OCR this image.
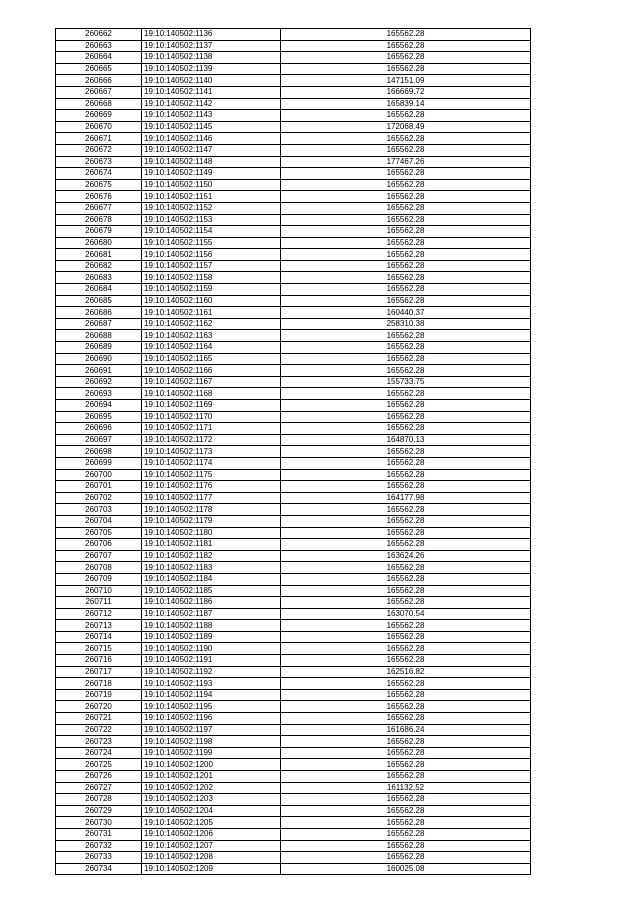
260662	19:10:140502:1136	165562.28
260663	19:10:140502:1137	165562.28
260664	19:10:140502:1138	165562.28
260665	19:10:140502:1139	165562.28
260666	19:10:140502:1140	147151.09
260667	19:10:140502:1141	166669.72
260668	19:10:140502:1142	165839.14
260669	19:10:140502:1143	165562.28
260670	19:10:140502:1145	172068.49
260671	19:10:140502:1146	165562.28
260672	19:10:140502:1147	165562.28
260673	19:10:140502:1148	177467.26
260674	19:10:140502:1149	165562.28
260675	19:10:140502:1150	165562.28
260676	19:10:140502:1151	165562.28
260677	19:10:140502:1152	165562.28
260678	19:10:140502:1153	165562.28
260679	19:10:140502:1154	165562.28
260680	19:10:140502:1155	165562.28
260681	19:10:140502:1156	165562.28
260682	19:10:140502:1157	165562.28
260683	19:10:140502:1158	165562.28
260684	19:10:140502:1159	165562.28
260685	19:10:140502:1160	165562.28
260686	19:10:140502:1161	160440.37
260687	19:10:140502:1162	258310.38
260688	19:10:140502:1163	165562.28
260689	19:10:140502:1164	165562.28
260690	19:10:140502:1165	165562.28
260691	19:10:140502:1166	165562.28
260692	19:10:140502:1167	155733.75
260693	19:10:140502:1168	165562.28
260694	19:10:140502:1169	165562.28
260695	19:10:140502:1170	165562.28
260696	19:10:140502:1171	165562.28
260697	19:10:140502:1172	164870.13
260698	19:10:140502:1173	165562.28
260699	19:10:140502:1174	165562.28
260700	19:10:140502:1175	165562.28
260701	19:10:140502:1176	165562.28
260702	19:10:140502:1177	164177.98
260703	19:10:140502:1178	165562.28
260704	19:10:140502:1179	165562.28
260705	19:10:140502:1180	165562.28
260706	19:10:140502:1181	165562.28
260707	19:10:140502:1182	163624.26
260708	19:10:140502:1183	165562.28
260709	19:10:140502:1184	165562.28
260710	19:10:140502:1185	165562.28
260711	19:10:140502:1186	165562.28
260712	19:10:140502:1187	163070.54
260713	19:10:140502:1188	165562.28
260714	19:10:140502:1189	165562.28
260715	19:10:140502:1190	165562.28
260716	19:10:140502:1191	165562.28
260717	19:10:140502:1192	162516.82
260718	19:10:140502:1193	165562.28
260719	19:10:140502:1194	165562.28
260720	19:10:140502:1195	165562.28
260721	19:10:140502:1196	165562.28
260722	19:10:140502:1197	161686.24
260723	19:10:140502:1198	165562.28
260724	19:10:140502:1199	165562.28
260725	19:10:140502:1200	165562.28
260726	19:10:140502:1201	165562.28
260727	19:10:140502:1202	161132.52
260728	19:10:140502:1203	165562.28
260729	19:10:140502:1204	165562.28
260730	19:10:140502:1205	165562.28
260731	19:10:140502:1206	165562.28
260732	19:10:140502:1207	165562.28
260733	19:10:140502:1208	165562.28
260734	19:10:140502:1209	160025.08
